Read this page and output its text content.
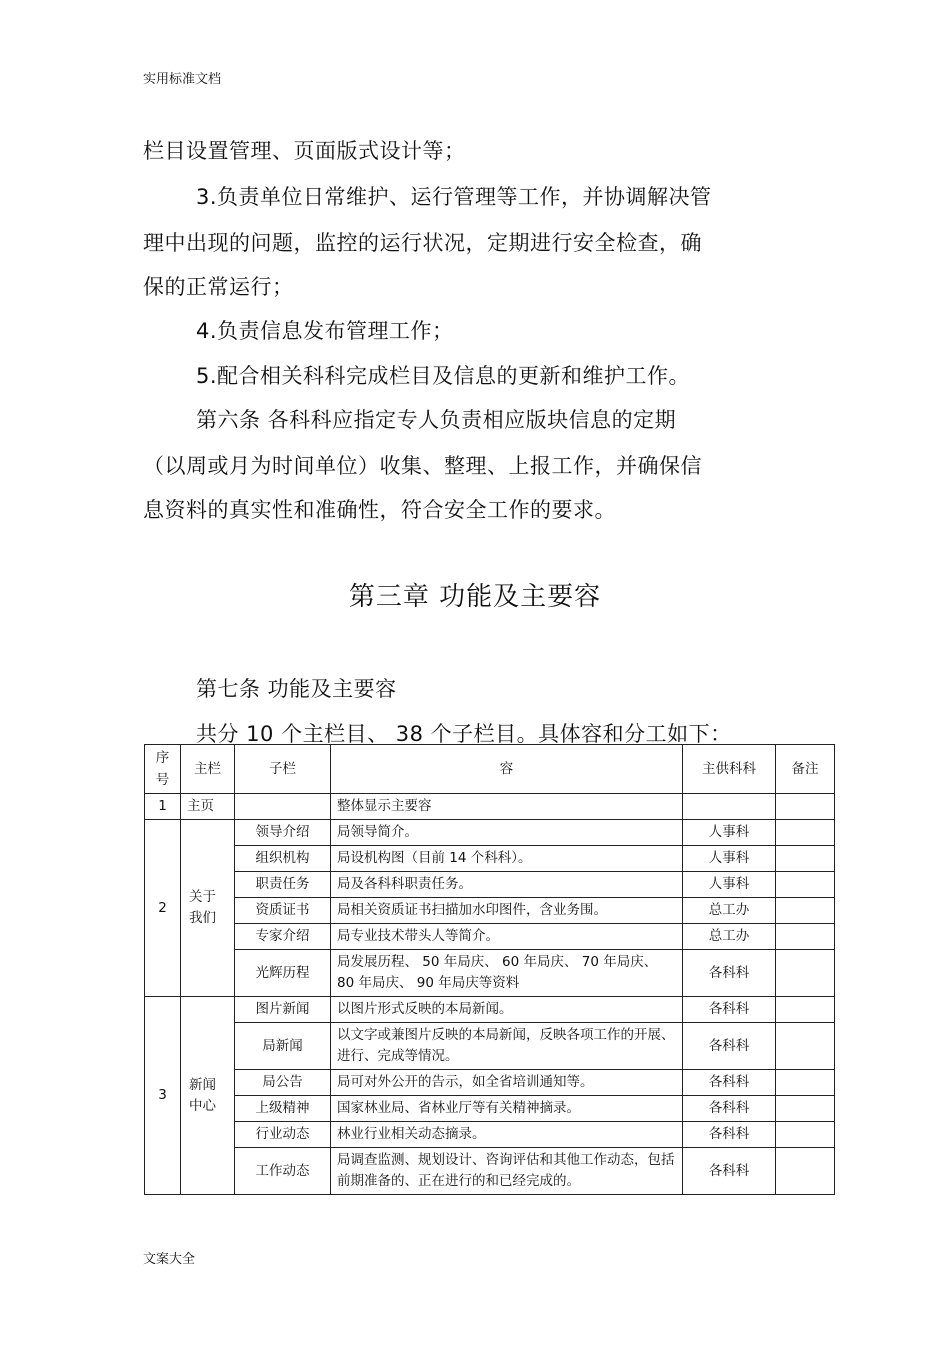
实用标准文档
栏目设置管理、页面版式设计等；
3.负责单位日常维护、运行管理等工作，并协调解决管
理中出现的问题，监控的运行状况，定期进行安全检查，确
保的正常运行；
4.负责信息发布管理工作；
5.配合相关科科完成栏目及信息的更新和维护工作。
第六条 各科科应指定专人负责相应版块信息的定期
（以周或月为时间单位）收集、整理、上报工作，并确保信
息资料的真实性和准确性，符合安全工作的要求。
第三章 功能及主要容
第七条 功能及主要容
共分 10 个主栏目、 38 个子栏目。具体容和分工如下：
序号	主栏	子栏	容	主供科科	备注
1	主页		整体显示主要容		
2	关于我们	领导介绍	局领导简介。	人事科	
		组织机构	局设机构图（目前 14 个科科）。	人事科	
		职责任务	局及各科科职责任务。	人事科	
		资质证书	局相关资质证书扫描加水印图件，含业务围。	总工办	
		专家介绍	局专业技术带头人等简介。	总工办	
		光辉历程	局发展历程、 50 年局庆、 60 年局庆、 70 年局庆、 80 年局庆、 90 年局庆等资料	各科科	
3	新闻中心	图片新闻	以图片形式反映的本局新闻。	各科科	
		局新闻	以文字或兼图片反映的本局新闻，反映各项工作的开展、进行、完成等情况。	各科科	
		局公告	局可对外公开的告示，如全省培训通知等。	各科科	
		上级精神	国家林业局、省林业厅等有关精神摘录。	各科科	
		行业动态	林业行业相关动态摘录。	各科科	
		工作动态	局调查监测、规划设计、咨询评估和其他工作动态，包括前期准备的、正在进行的和已经完成的。	各科科	
文案大全
